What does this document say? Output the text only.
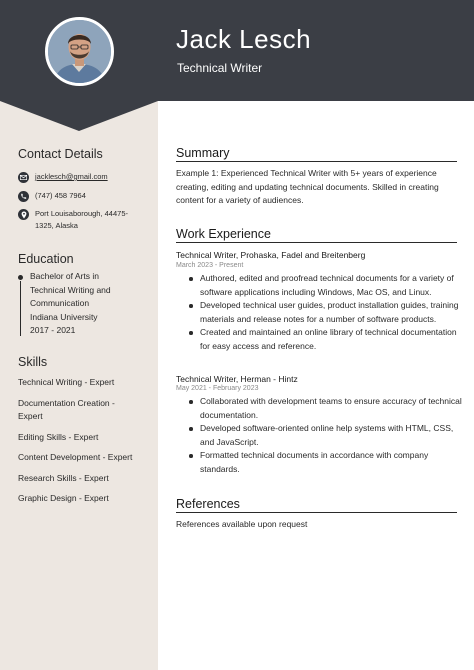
Jack Lesch
Technical Writer
Contact Details
jacklesch@gmail.com
(747) 458 7964
Port Louisaborough, 44475-
1325, Alaska
Education
Bachelor of Arts in
Technical Writing and
Communication
Indiana University
2017 - 2021
Skills
Technical Writing - Expert
Documentation Creation -
Expert
Editing Skills - Expert
Content Development - Expert
Research Skills - Expert
Graphic Design - Expert
Summary
Example 1: Experienced Technical Writer with 5+ years of experience creating, editing and updating technical documents. Skilled in creating content for a variety of audiences.
Work Experience
Technical Writer, Prohaska, Fadel and Breitenberg
March 2023 - Present
Authored, edited and proofread technical documents for a variety of software applications including Windows, Mac OS, and Linux.
Developed technical user guides, product installation guides, training materials and release notes for a number of software products.
Created and maintained an online library of technical documentation for easy access and reference.
Technical Writer, Herman - Hintz
May 2021 - February 2023
Collaborated with development teams to ensure accuracy of technical documentation.
Developed software-oriented online help systems with HTML, CSS, and JavaScript.
Formatted technical documents in accordance with company standards.
References
References available upon request
